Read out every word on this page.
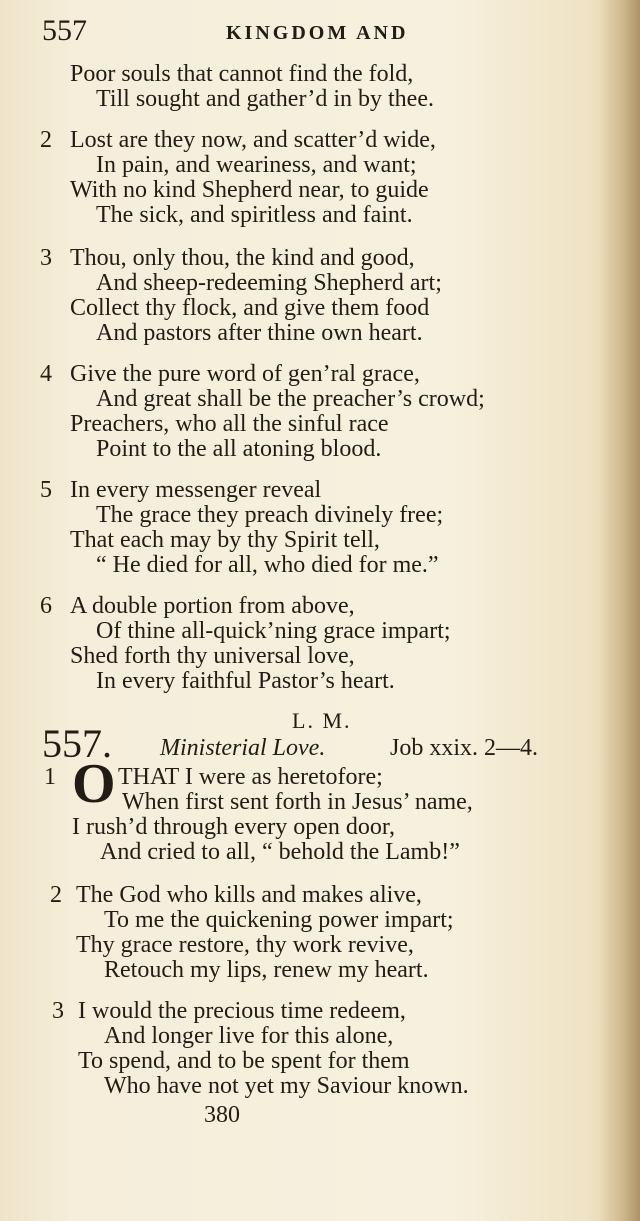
557	KINGDOM AND
Poor souls that cannot find the fold,
Till sought and gather’d in by thee.
2 Lost are they now, and scatter’d wide,
In pain, and weariness, and want;
With no kind Shepherd near, to guide
The sick, and spiritless and faint.
3 Thou, only thou, the kind and good,
And sheep-redeeming Shepherd art;
Collect thy flock, and give them food
And pastors after thine own heart.
4 Give the pure word of gen’ral grace,
And great shall be the preacher’s crowd;
Preachers, who all the sinful race
Point to the all atoning blood.
5 In every messenger reveal
The grace they preach divinely free;
That each may by thy Spirit tell,
“ He died for all, who died for me.”
6 A double portion from above,
Of thine all-quick’ning grace impart;
Shed forth thy universal love,
In every faithful Pastor’s heart.
557.
L. M.
Ministerial Love.	Job xxix. 2—4.
1 O THAT I were as heretofore;
When first sent forth in Jesus’ name,
I rush’d through every open door,
And cried to all, “ behold the Lamb!”
2 The God who kills and makes alive,
To me the quickening power impart;
Thy grace restore, thy work revive,
Retouch my lips, renew my heart.
3 I would the precious time redeem,
And longer live for this alone,
To spend, and to be spent for them
Who have not yet my Saviour known.
380
